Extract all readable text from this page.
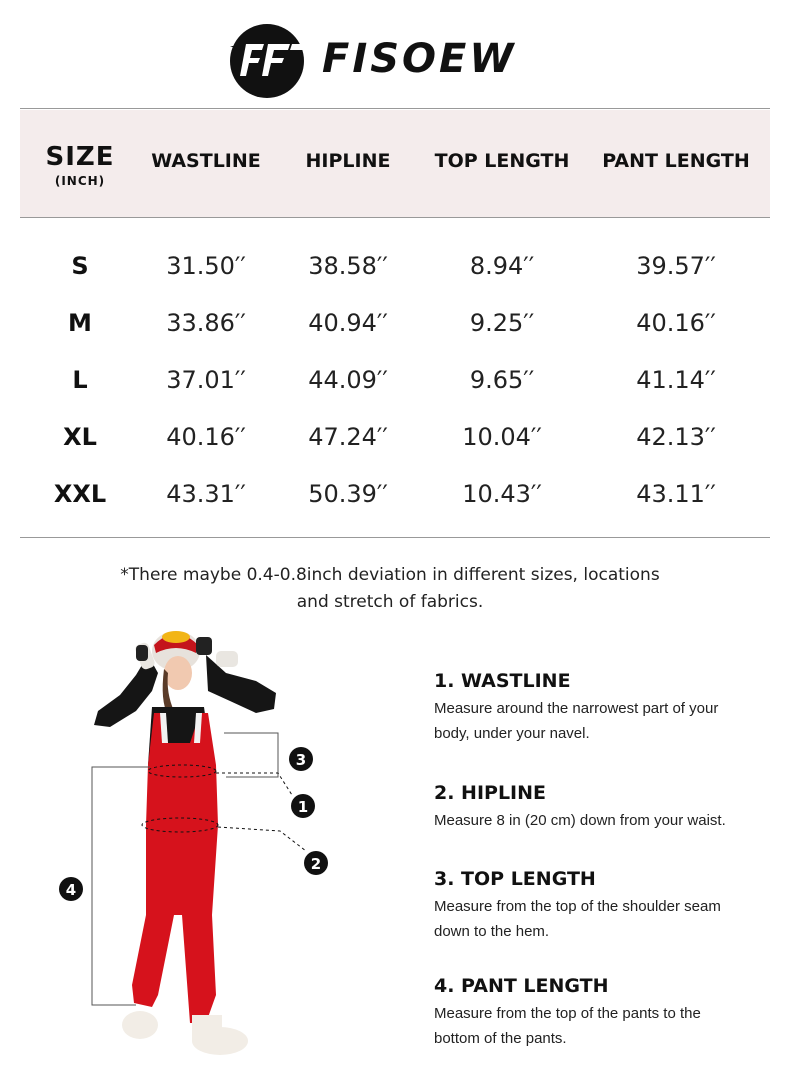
FISOEW
SIZE
(INCH)
WASTLINE	HIPLINE	TOP LENGTH	PANT LENGTH
S	31.50′′	38.58′′	8.94′′	39.57′′
M	33.86′′	40.94′′	9.25′′	40.16′′
L	37.01′′	44.09′′	9.65′′	41.14′′
XL	40.16′′	47.24′′	10.04′′	42.13′′
XXL	43.31′′	50.39′′	10.43′′	43.11′′
*There maybe 0.4-0.8inch deviation in different sizes, locations
and stretch of fabrics.
3
1
2
4
1. WASTLINE

Measure around the narrowest part of your
body, under your navel.

2. HIPLINE

Measure 8 in (20 cm) down from your waist.

3. TOP LENGTH

Measure from the top of the shoulder seam
down to the hem.

4. PANT LENGTH

Measure from the top of the pants to the
bottom of the pants.
